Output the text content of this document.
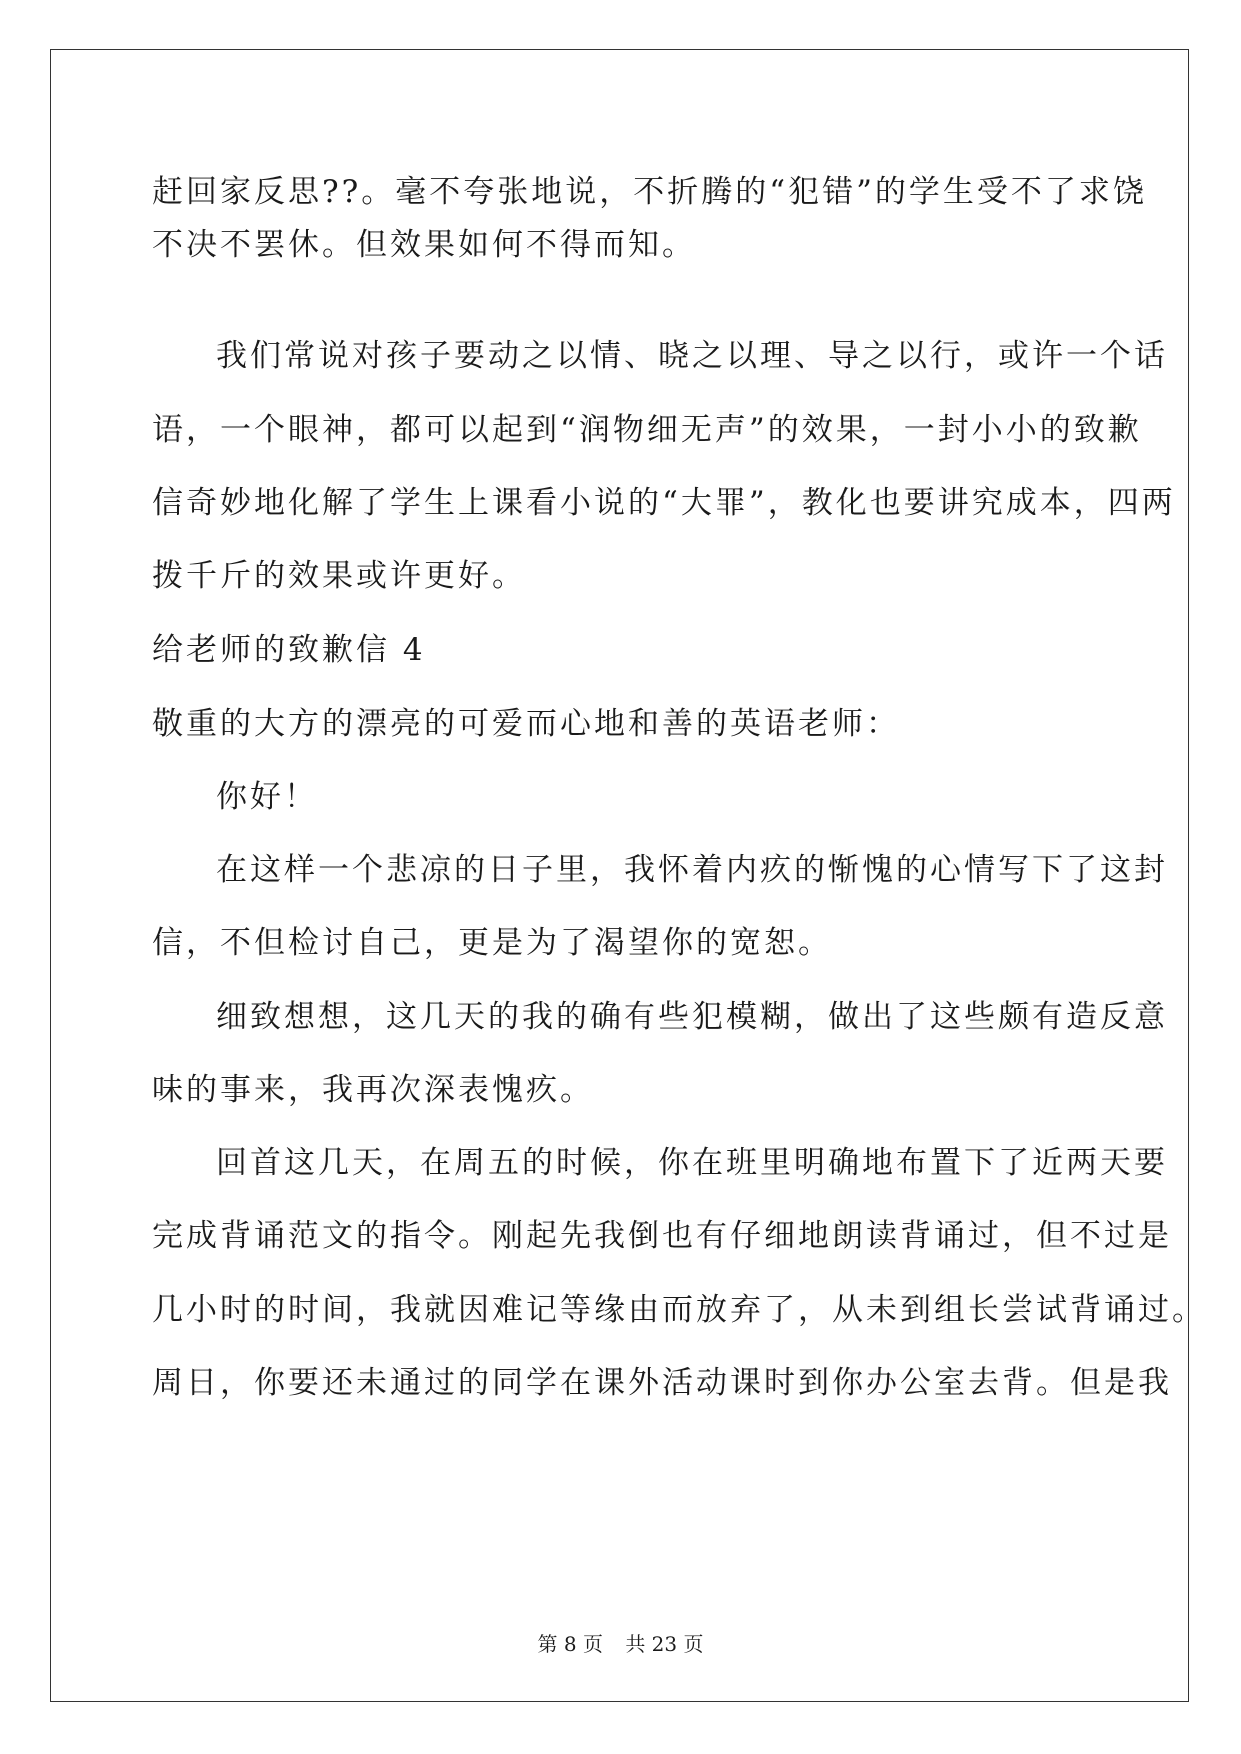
赶回家反思??。毫不夸张地说，不折腾的“犯错”的学生受不了求饶
不决不罢休。但效果如何不得而知。
我们常说对孩子要动之以情、晓之以理、导之以行，或许一个话
语，一个眼神，都可以起到“润物细无声”的效果，一封小小的致歉
信奇妙地化解了学生上课看小说的“大罪”，教化也要讲究成本，四两
拨千斤的效果或许更好。
给老师的致歉信 4
敬重的大方的漂亮的可爱而心地和善的英语老师：
你好！
在这样一个悲凉的日子里，我怀着内疚的惭愧的心情写下了这封
信，不但检讨自己，更是为了渴望你的宽恕。
细致想想，这几天的我的确有些犯模糊，做出了这些颇有造反意
味的事来，我再次深表愧疚。
回首这几天，在周五的时候，你在班里明确地布置下了近两天要
完成背诵范文的指令。刚起先我倒也有仔细地朗读背诵过，但不过是
几小时的时间，我就因难记等缘由而放弃了，从未到组长尝试背诵过。
周日，你要还未通过的同学在课外活动课时到你办公室去背。但是我
第 8 页 共 23 页
